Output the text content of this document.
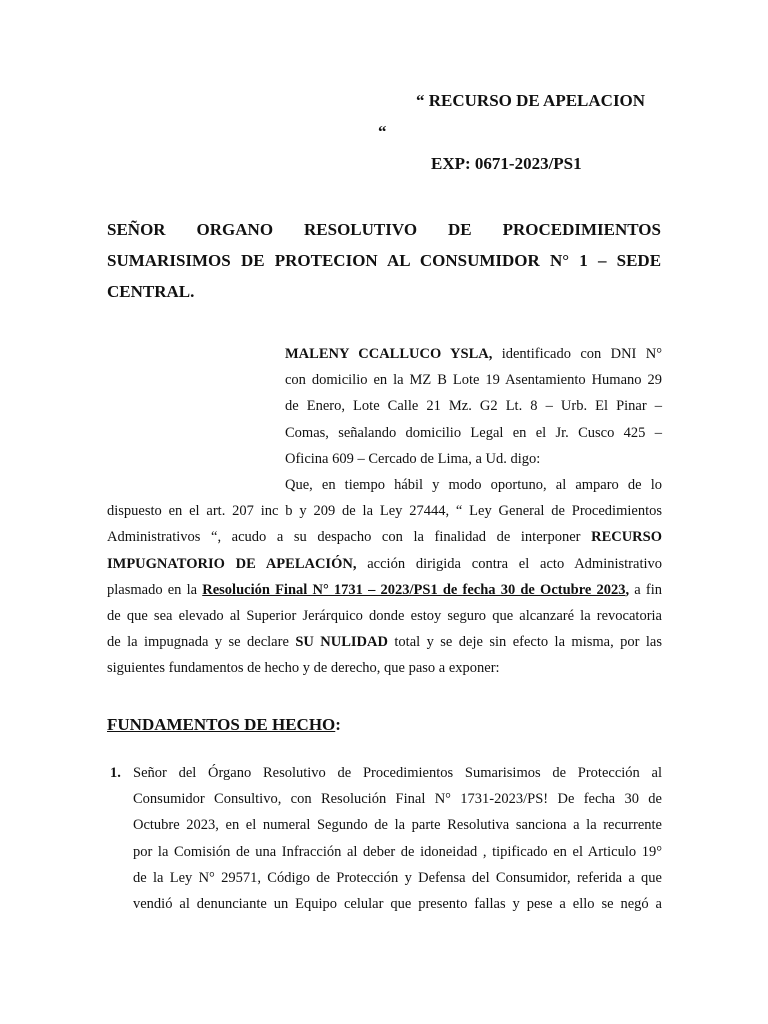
“ RECURSO DE APELACION
“
EXP: 0671-2023/PS1
SEÑOR ORGANO RESOLUTIVO DE PROCEDIMIENTOS
SUMARISIMOS DE PROTECION AL CONSUMIDOR N° 1 – SEDE
CENTRAL.
MALENY CCALLUCO YSLA, identificado con DNI N°
con domicilio en la MZ B Lote 19 Asentamiento Humano 29
de Enero, Lote Calle 21 Mz. G2 Lt. 8 – Urb. El Pinar –
Comas, señalando domicilio Legal en el Jr. Cusco 425 –
Oficina 609 – Cercado de Lima, a Ud. digo:
Que, en tiempo hábil y modo oportuno, al amparo de lo
dispuesto en el art. 207 inc b y 209 de la Ley 27444, “ Ley General de Procedimientos
Administrativos “, acudo a su despacho con la finalidad de interponer RECURSO
IMPUGNATORIO DE APELACIÓN, acción dirigida contra el acto Administrativo
plasmado en la Resolución Final N° 1731 – 2023/PS1 de fecha 30 de Octubre 2023, a fin
de que sea elevado al Superior Jerárquico donde estoy seguro que alcanzaré la revocatoria
de la impugnada y se declare SU NULIDAD total y se deje sin efecto la misma, por las
siguientes fundamentos de hecho y de derecho, que paso a exponer:
FUNDAMENTOS DE HECHO:
1. Señor del Órgano Resolutivo de Procedimientos Sumarisimos de Protección al
Consumidor Consultivo, con Resolución Final N° 1731-2023/PS! De fecha 30 de
Octubre 2023, en el numeral Segundo de la parte Resolutiva sanciona a la recurrente
por la Comisión de una Infracción al deber de idoneidad , tipificado en el Articulo 19°
de la Ley N° 29571, Código de Protección y Defensa del Consumidor, referida a que
vendió al denunciante un Equipo celular que presento fallas y pese a ello se negó a
